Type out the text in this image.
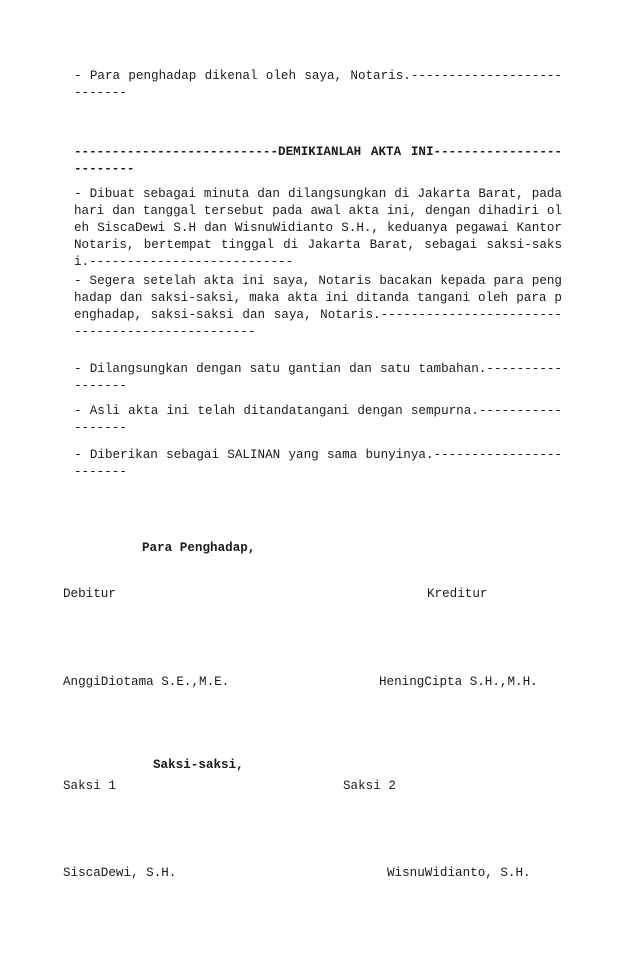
- Para penghadap dikenal oleh saya, Notaris.---------------------------
---------------------------DEMIKIANLAH AKTA INI-------------------------
- Dibuat sebagai minuta dan dilangsungkan di Jakarta Barat, pada hari dan tanggal tersebut pada awal akta ini, dengan dihadiri oleh SiscaDewi S.H dan WisnuWidianto S.H., keduanya pegawai Kantor Notaris, bertempat tinggal di Jakarta Barat, sebagai saksi-saksi.---------------------------
- Segera setelah akta ini saya, Notaris bacakan kepada para penghadap dan saksi-saksi, maka akta ini ditanda tangani oleh para penghadap, saksi-saksi dan saya, Notaris.------------------------------------------------
- Dilangsungkan dengan satu gantian dan satu tambahan.-----------------
- Asli akta ini telah ditandatangani dengan sempurna.------------------
- Diberikan sebagai SALINAN yang sama bunyinya.------------------------
Para Penghadap,
Debitur	Kreditur
AnggiDiotama S.E.,M.E.	HeningCipta S.H.,M.H.
Saksi-saksi,
Saksi 1	Saksi 2
SiscaDewi, S.H.	WisnuWidianto, S.H.
